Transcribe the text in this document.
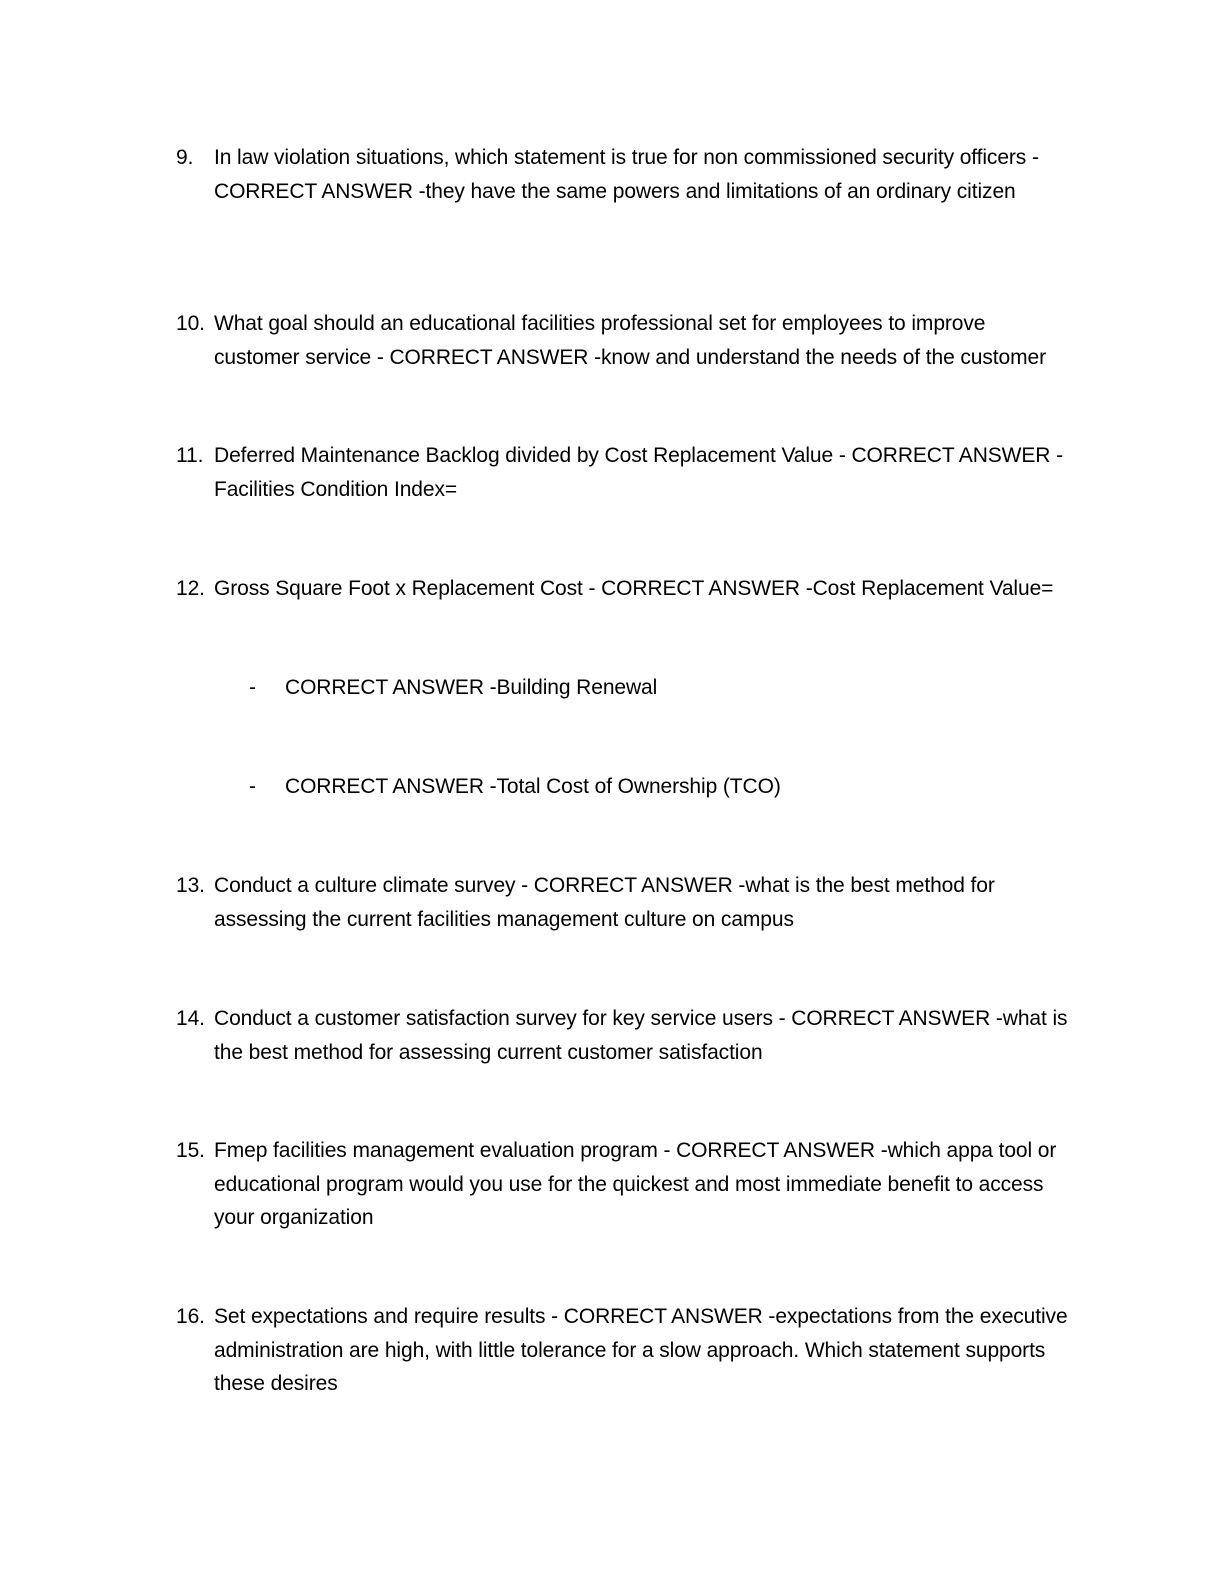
9. In law violation situations, which statement is true for non commissioned security officers - CORRECT ANSWER -they have the same powers and limitations of an ordinary citizen
10. What goal should an educational facilities professional set for employees to improve customer service - CORRECT ANSWER -know and understand the needs of the customer
11. Deferred Maintenance Backlog divided by Cost Replacement Value - CORRECT ANSWER - Facilities Condition Index=
12. Gross Square Foot x Replacement Cost - CORRECT ANSWER -Cost Replacement Value=
-	CORRECT ANSWER -Building Renewal
-	CORRECT ANSWER -Total Cost of Ownership (TCO)
13. Conduct a culture climate survey - CORRECT ANSWER -what is the best method for assessing the current facilities management culture on campus
14. Conduct a customer satisfaction survey for key service users - CORRECT ANSWER -what is the best method for assessing current customer satisfaction
15. Fmep facilities management evaluation program - CORRECT ANSWER -which appa tool or educational program would you use for the quickest and most immediate benefit to access your organization
16. Set expectations and require results - CORRECT ANSWER -expectations from the executive administration are high, with little tolerance for a slow approach. Which statement supports these desires
